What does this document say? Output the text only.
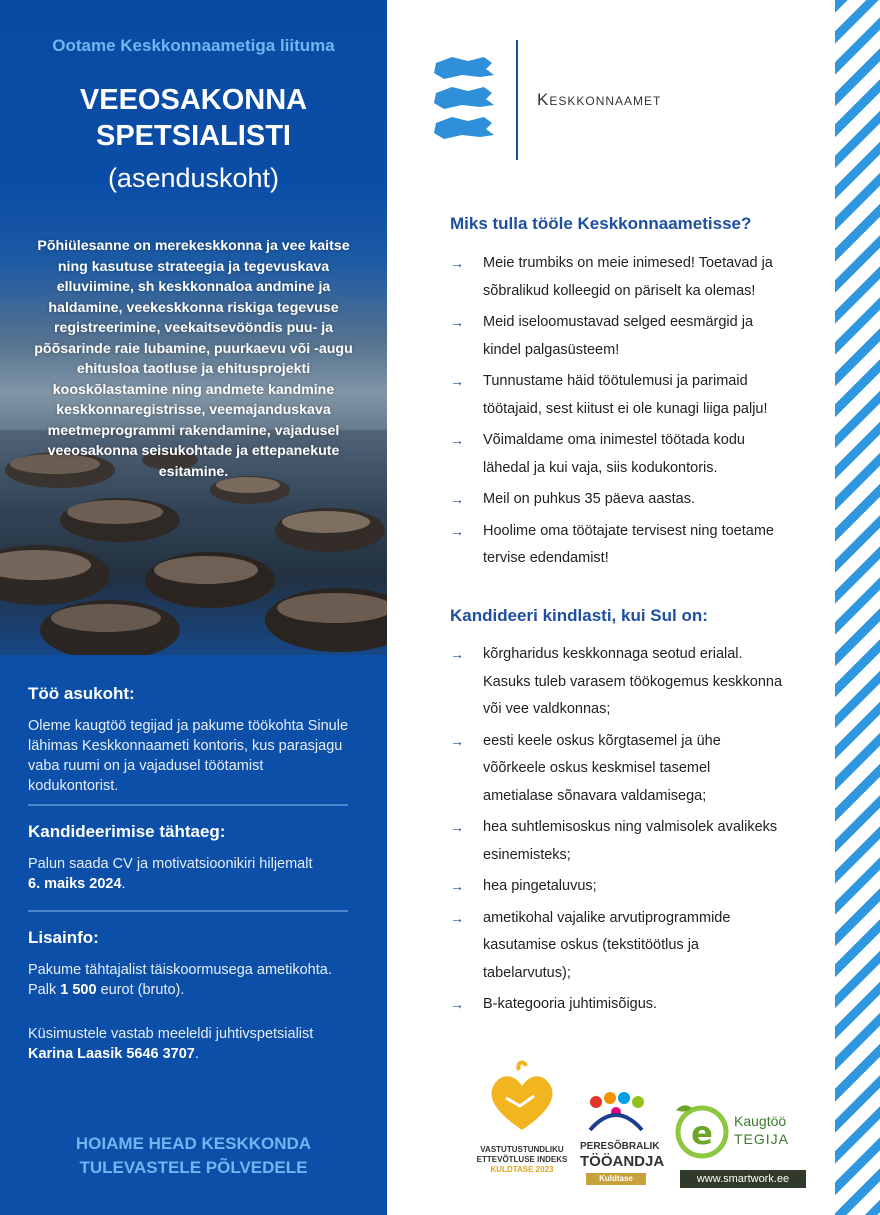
Ootame Keskkonnaametiga liituma
VEEOSAKONNA
SPETSIALISTI
(asenduskoht)
Põhiülesanne on merekeskkonna ja vee kaitse ning kasutuse strateegia ja tegevuskava elluviimine, sh keskkonnaloa andmine ja haldamine, veekeskkonna riskiga tegevuse registreerimine, veekaitsevööndis puu- ja põõsarinde raie lubamine, puurkaevu või -augu ehitusloa taotluse ja ehitusprojekti kooskõlastamine ning andmete kandmine keskkonnaregistrisse, veemajanduskava meetmeprogrammi rakendamine, vajadusel veeosakonna seisukohtade ja ettepanekute esitamine.
Töö asukoht:

Oleme kaugtöö tegijad ja pakume töökohta Sinule lähimas Keskkonnaameti kontoris, kus parasjagu vaba ruumi on ja vajadusel töötamist kodukontorist.

Kandideerimise tähtaeg:

Palun saada CV ja motivatsioonikiri hiljemalt
6. maiks 2024.

Lisainfo:

Pakume tähtajalist täiskoormusega ametikohta.
Palk 1 500 eurot (bruto).

Küsimustele vastab meeleldi juhtivspetsialist
Karina Laasik 5646 3707.

HOIAME HEAD KESKKONDA
TULEVASTELE PÕLVEDELE
Keskkonnaamet
Miks tulla tööle Keskkonnaametisse?
→ Meie trumbiks on meie inimesed! Toetavad ja
sõbralikud kolleegid on päriselt ka olemas!
→ Meid iseloomustavad selged eesmärgid ja
kindel palgasüsteem!
→ Tunnustame häid töötulemusi ja parimaid
töötajaid, sest kiitust ei ole kunagi liiga palju!
→ Võimaldame oma inimestel töötada kodu
lähedal ja kui vaja, siis kodukontoris.
→ Meil on puhkus 35 päeva aastas.
→ Hoolime oma töötajate tervisest ning toetame
tervise edendamist!
Kandideeri kindlasti, kui Sul on:
→ kõrgharidus keskkonnaga seotud erialal.
Kasuks tuleb varasem töökogemus keskkonna
või vee valdkonnas;
→ eesti keele oskus kõrgtasemel ja ühe
võõrkeele oskus keskmisel tasemel
ametialase sõnavara valdamisega;
→ hea suhtlemisoskus ning valmisolek avalikeks
esinemisteks;
→ hea pingetaluvus;
→ ametikohal vajalike arvutiprogrammide
kasutamise oskus (tekstitöötlus ja
tabelarvutus);
→ B-kategooria juhtimisõigus.
VASTUTUSTUNDLIKU
ETTEVÕTLUSE INDEKS
KULDTASE 2023
PERESÕBRALIK
TÖÖANDJA
Kuldtase
e Kaugtöö
TEGIJA
www.smartwork.ee
